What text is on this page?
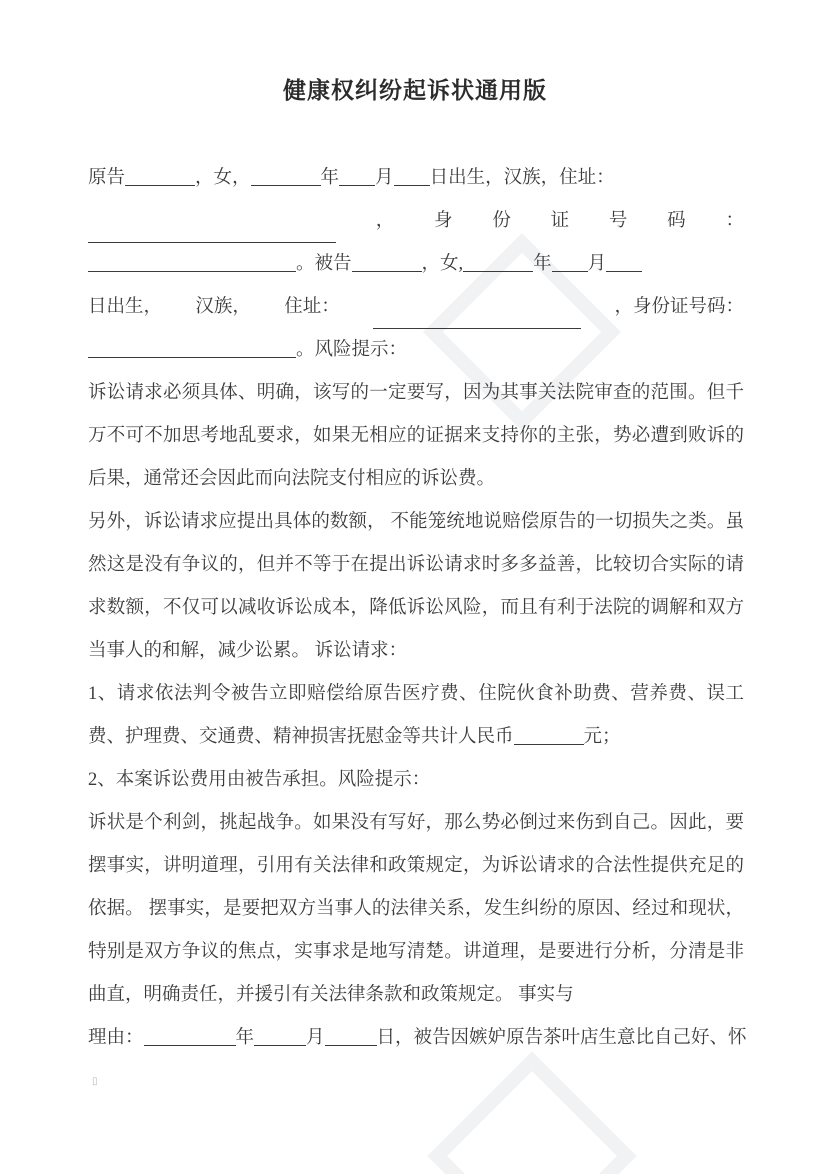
健康权纠纷起诉状通用版
原告	，女，	年 月 日出生，汉族，住址：
， 身 份 证 号 码 ：
。被告	，女,	年 月
日出生， 汉族， 住址：	，身份证号码：
。风险提示：

诉讼请求必须具体、明确，该写的一定要写，因为其事关法院审查的范围。但千万不可不加思考地乱要求，如果无相应的证据来支持你的主张，势必遭到败诉的后果，通常还会因此而向法院支付相应的诉讼费。

另外，诉讼请求应提出具体的数额， 不能笼统地说赔偿原告的一切损失之类。虽然这是没有争议的，但并不等于在提出诉讼请求时多多益善，比较切合实际的请求数额，不仅可以减收诉讼成本，降低诉讼风险，而且有利于法院的调解和双方当事人的和解，减少讼累。 诉讼请求：

1、请求依法判令被告立即赔偿给原告医疗费、住院伙食补助费、营养费、误工费、护理费、交通费、精神损害抚慰金等共计人民币	元；

2、本案诉讼费用由被告承担。风险提示：

诉状是个利剑，挑起战争。如果没有写好，那么势必倒过来伤到自己。因此，要摆事实，讲明道理，引用有关法律和政策规定，为诉讼请求的合法性提供充足的依据。 摆事实，是要把双方当事人的法律关系，发生纠纷的原因、经过和现状， 特别是双方争议的焦点，实事求是地写清楚。讲道理，是要进行分析，分清是非曲直，明确责任，并援引有关法律条款和政策规定。 事实与

理由：	年	月	日，被告因嫉妒原告茶叶店生意比自己好、怀
▯
